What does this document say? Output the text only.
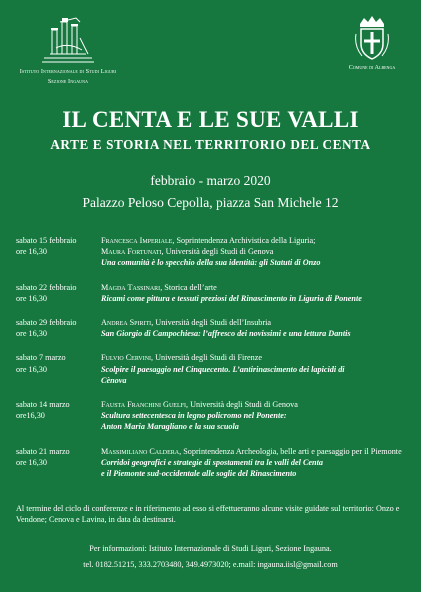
Istituto Internazionale di Studi Liguri
Sezione Ingauna
Comune di Albenga
IL CENTA E LE SUE VALLI
ARTE E STORIA NEL TERRITORIO DEL CENTA
febbraio - marzo 2020
Palazzo Peloso Cepolla, piazza San Michele 12
sabato 15 febbraio
ore 16,30
Francesca Imperiale, Soprintendenza Archivistica della Liguria;
Maura Fortunati, Università degli Studi di Genova
Una comunità è lo specchio della sua identità: gli Statuti di Onzo
sabato 22 febbraio
ore 16,30
Magda Tassinari, Storica dell’arte
Ricami come pittura e tessuti preziosi del Rinascimento in Liguria di Ponente
sabato 29 febbraio
ore 16,30
Andrea Spiriti, Università degli Studi dell’Insubria
San Giorgio di Campochiesa: l’affresco dei novissimi e una lettura Dantis
sabato 7 marzo
ore 16,30
Fulvio Cervini, Università degli Studi di Firenze
Scolpire il paesaggio nel Cinquecento. L’antirinascimento dei lapicidi di
Cènova
sabato 14 marzo
ore16,30
Fausta Franchini Guelfi, Università degli Studi di Genova
Scultura settecentesca in legno policromo nel Ponente:
Anton Maria Maragliano e la sua scuola
sabato 21 marzo
ore 16,30
Massimiliano Caldera, Soprintendenza Archeologia, belle arti e paesaggio per il Piemonte
Corridoi geografici e strategie di spostamenti tra le valli del Centa
e il Piemonte sud-occidentale alle soglie del Rinascimento
Al termine del ciclo di conferenze e in riferimento ad esso si effettueranno alcune visite guidate sul territorio: Onzo e Vendone; Cenova e Lavina, in data da destinarsi.
Per informazioni: Istituto Internazionale di Studi Liguri, Sezione Ingauna.
tel. 0182.51215, 333.2703480, 349.4973020; e.mail: ingauna.iisl@gmail.com
